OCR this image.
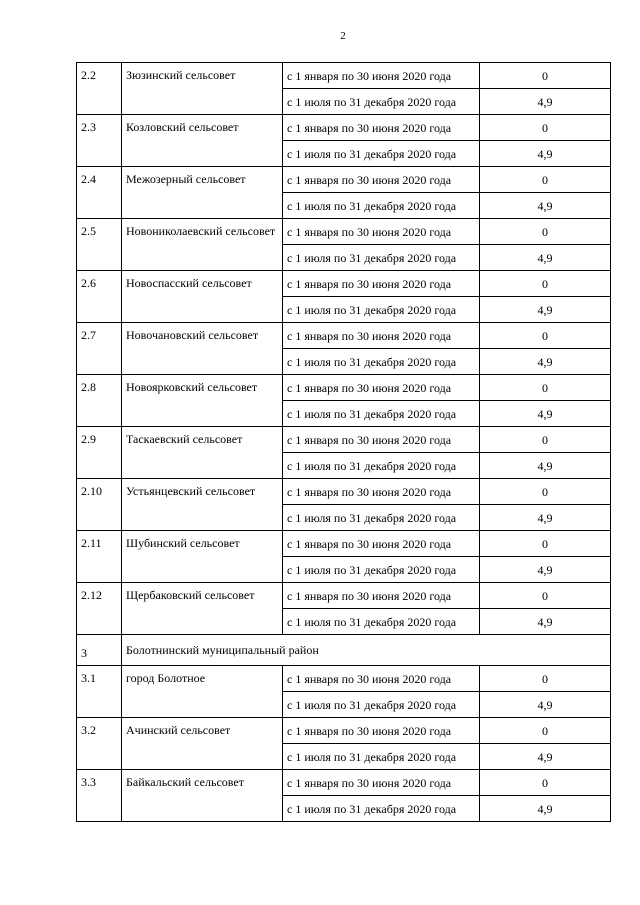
2
2.2	Зюзинский сельсовет	с 1 января по 30 июня 2020 года	0
		с 1 июля по 31 декабря 2020 года	4,9
2.3	Козловский сельсовет	с 1 января по 30 июня 2020 года	0
		с 1 июля по 31 декабря 2020 года	4,9
2.4	Межозерный сельсовет	с 1 января по 30 июня 2020 года	0
		с 1 июля по 31 декабря 2020 года	4,9
2.5	Новониколаевский сельсовет	с 1 января по 30 июня 2020 года	0
		с 1 июля по 31 декабря 2020 года	4,9
2.6	Новоспасский сельсовет	с 1 января по 30 июня 2020 года	0
		с 1 июля по 31 декабря 2020 года	4,9
2.7	Новочановский сельсовет	с 1 января по 30 июня 2020 года	0
		с 1 июля по 31 декабря 2020 года	4,9
2.8	Новоярковский сельсовет	с 1 января по 30 июня 2020 года	0
		с 1 июля по 31 декабря 2020 года	4,9
2.9	Таскаевский сельсовет	с 1 января по 30 июня 2020 года	0
		с 1 июля по 31 декабря 2020 года	4,9
2.10	Устьянцевский сельсовет	с 1 января по 30 июня 2020 года	0
		с 1 июля по 31 декабря 2020 года	4,9
2.11	Шубинский сельсовет	с 1 января по 30 июня 2020 года	0
		с 1 июля по 31 декабря 2020 года	4,9
2.12	Щербаковский сельсовет	с 1 января по 30 июня 2020 года	0
		с 1 июля по 31 декабря 2020 года	4,9
3	Болотнинский муниципальный район		
3.1	город Болотное	с 1 января по 30 июня 2020 года	0
		с 1 июля по 31 декабря 2020 года	4,9
3.2	Ачинский сельсовет	с 1 января по 30 июня 2020 года	0
		с 1 июля по 31 декабря 2020 года	4,9
3.3	Байкальский сельсовет	с 1 января по 30 июня 2020 года	0
		с 1 июля по 31 декабря 2020 года	4,9
